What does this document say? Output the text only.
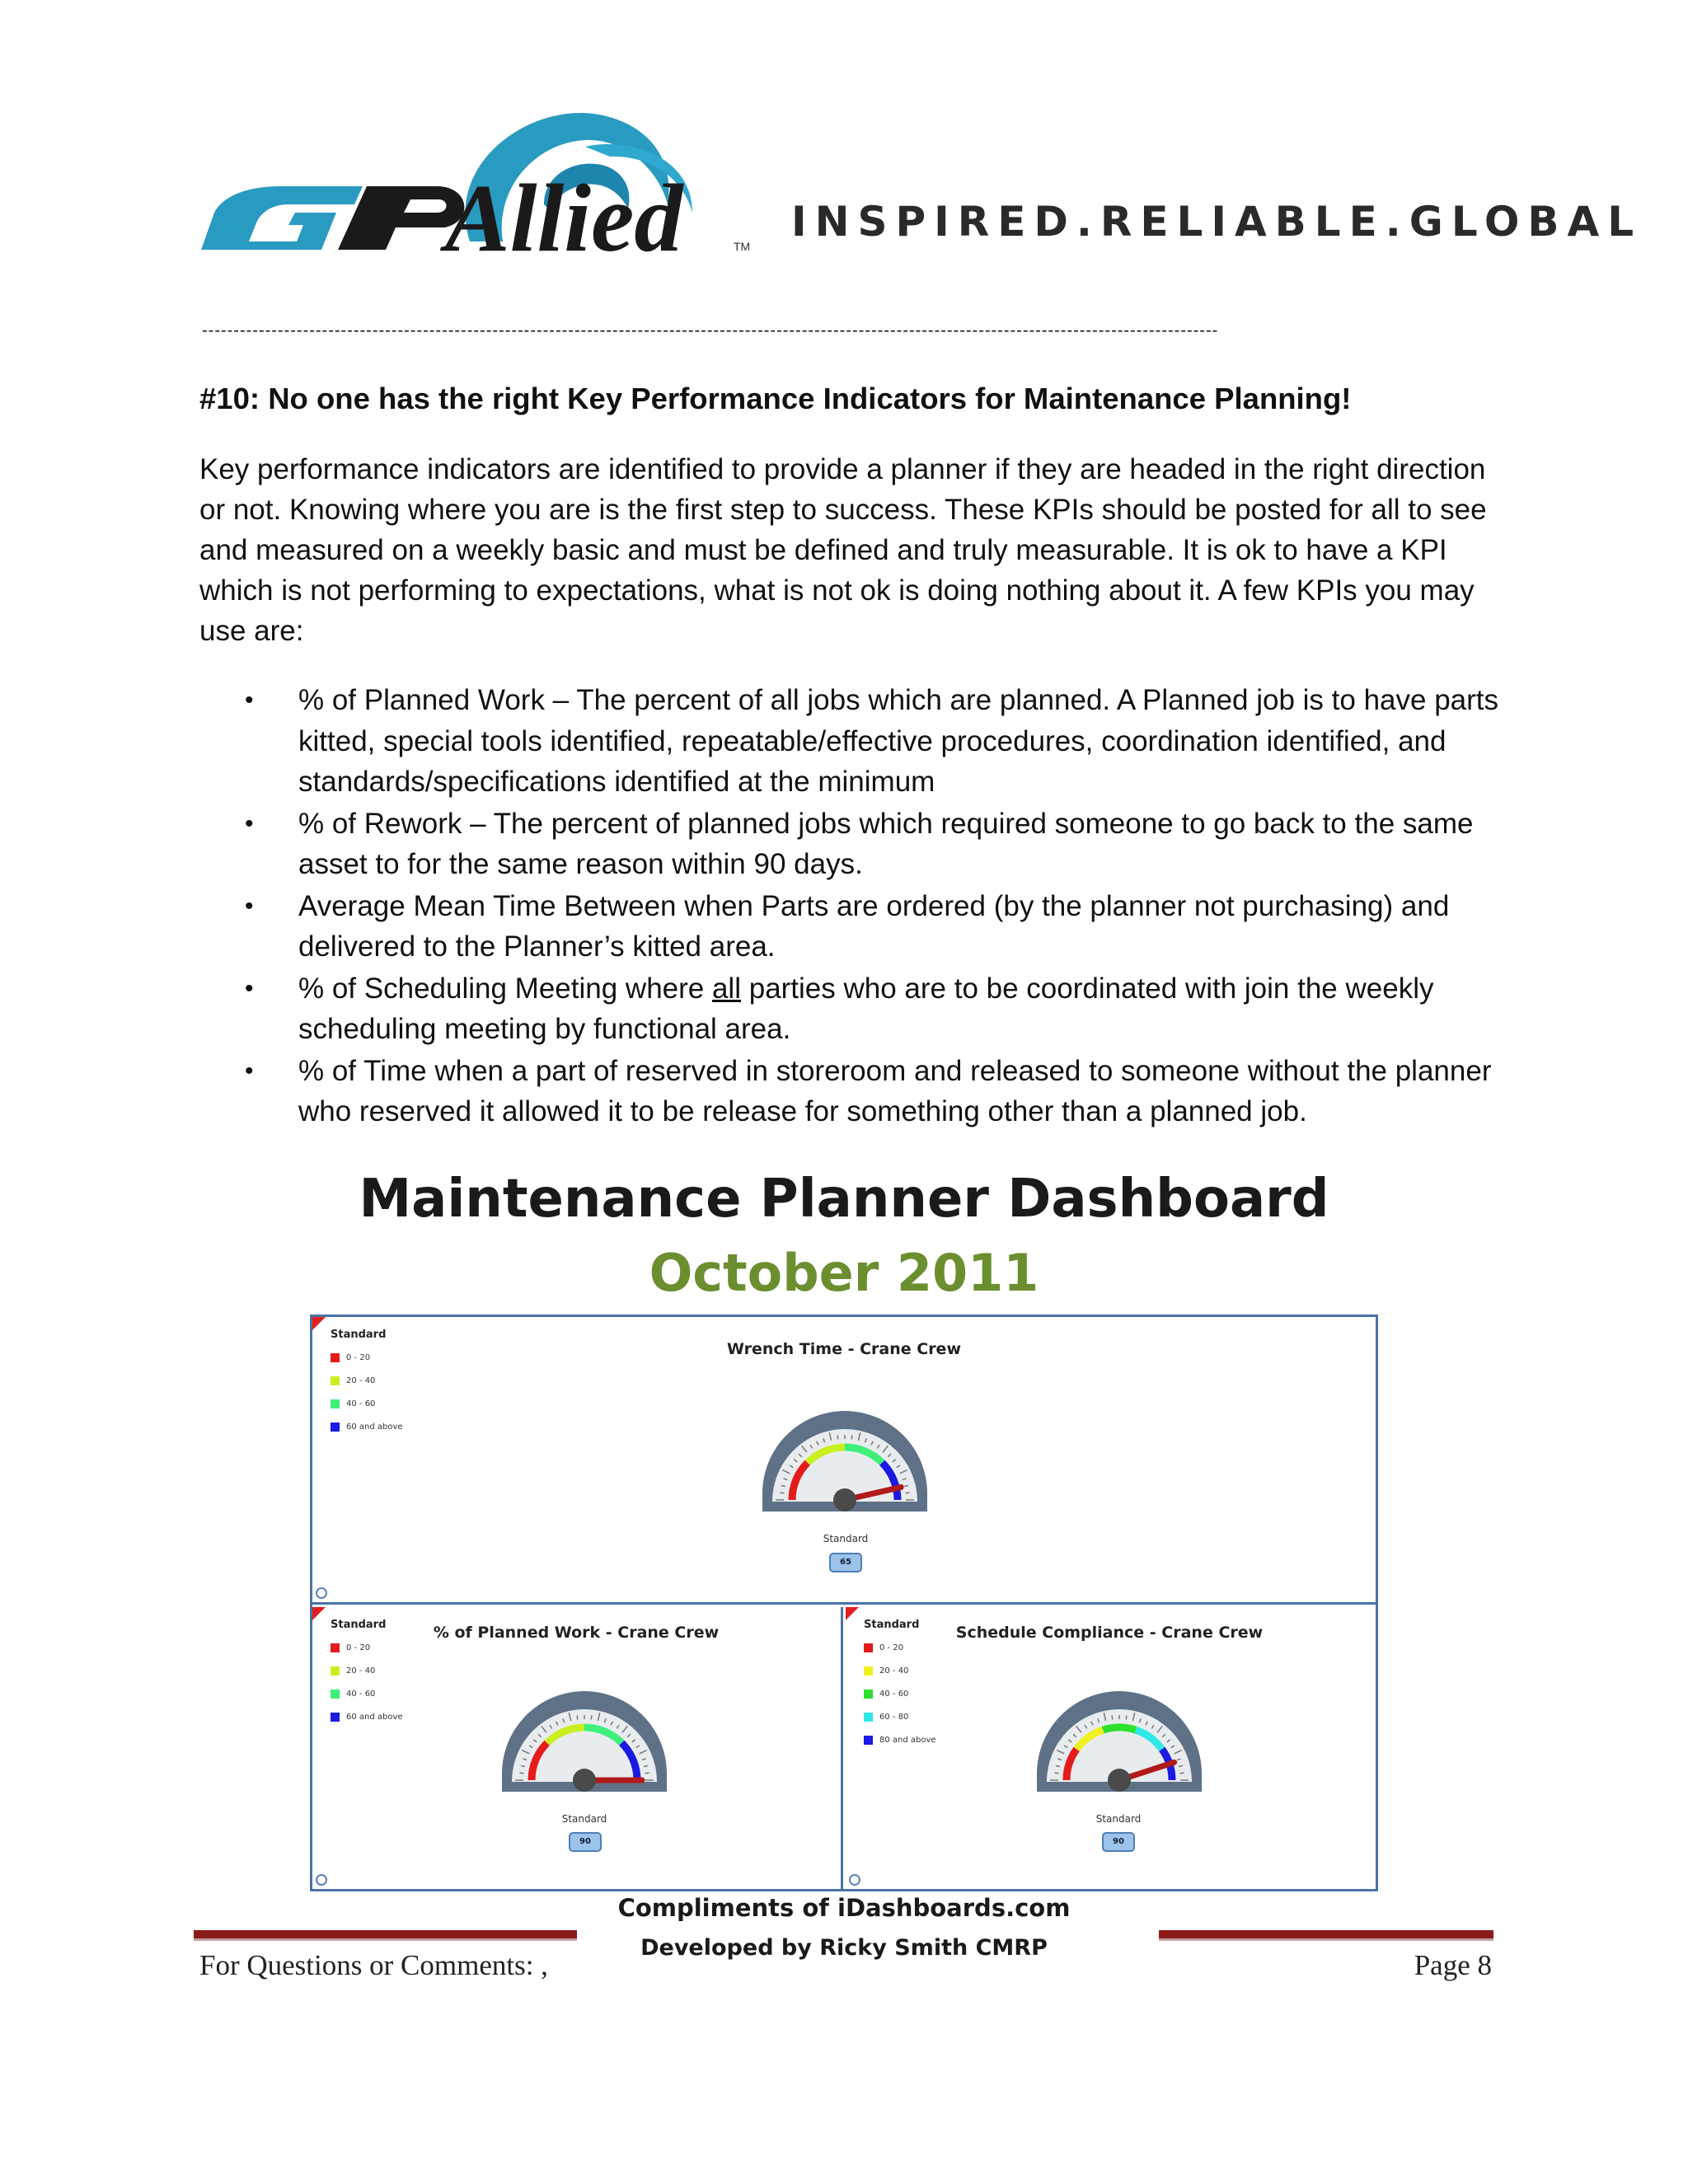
Allied	TM
INSPIRED.RELIABLE.GLOBAL
-----------------------------------------------------------------------------------------------------------------------------------------------------------------
#10: No one has the right Key Performance Indicators for Maintenance Planning!

Key performance indicators are identified to provide a planner if they are headed in the right direction or not. Knowing where you are is the first step to success. These KPIs should be posted for all to see and measured on a weekly basic and must be defined and truly measurable. It is ok to have a KPI which is not performing to expectations, what is not ok is doing nothing about it. A few KPIs you may use are:

• % of Planned Work – The percent of all jobs which are planned. A Planned job is to have parts kitted, special tools identified, repeatable/effective procedures, coordination identified, and standards/specifications identified at the minimum
• % of Rework – The percent of planned jobs which required someone to go back to the same asset to for the same reason within 90 days.
• Average Mean Time Between when Parts are ordered (by the planner not purchasing) and delivered to the Planner’s kitted area.
• % of Scheduling Meeting where all parties who are to be coordinated with join the weekly scheduling meeting by functional area.
• % of Time when a part of reserved in storeroom and released to someone without the planner who reserved it allowed it to be release for something other than a planned job.
Maintenance Planner Dashboard
October 2011
Standard
0 - 20
20 - 40
40 - 60
60 and above
Wrench Time - Crane Crew
Standard
65
Standard
0 - 20
20 - 40
40 - 60
60 and above
% of Planned Work - Crane Crew
Standard
90
Standard
0 - 20
20 - 40
40 - 60
60 - 80
80 and above
Schedule Compliance - Crane Crew
Standard
90
Compliments of iDashboards.com
Developed by Ricky Smith CMRP
For Questions or Comments: ,	Page 8
